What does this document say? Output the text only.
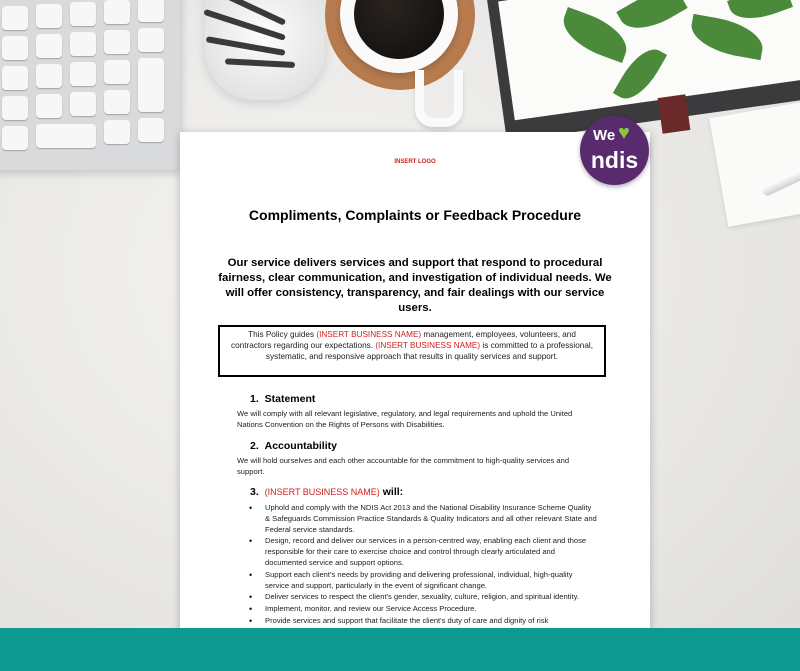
INSERT LOGO
Compliments, Complaints or Feedback Procedure
Our service delivers services and support that respond to procedural fairness, clear communication, and investigation of individual needs. We will offer consistency, transparency, and fair dealings with our service users.
This Policy guides (INSERT BUSINESS NAME) management, employees, volunteers, and contractors regarding our expectations. (INSERT BUSINESS NAME) is committed to a professional, systematic, and responsive approach that results in quality services and support.
1. Statement
We will comply with all relevant legislative, regulatory, and legal requirements and uphold the United Nations Convention on the Rights of Persons with Disabilities.
2. Accountability
We will hold ourselves and each other accountable for the commitment to high-quality services and support.
3. (INSERT BUSINESS NAME) will:
• Uphold and comply with the NDIS Act 2013 and the National Disability Insurance Scheme Quality & Safeguards Commission Practice Standards & Quality Indicators and all other relevant State and Federal service standards.
• Design, record and deliver our services in a person-centred way, enabling each client and those responsible for their care to exercise choice and control through clearly articulated and documented service and support options.
• Support each client's needs by providing and delivering professional, individual, high-quality service and support, particularly in the event of significant change.
• Deliver services to respect the client's gender, sexuality, culture, religion, and spiritual identity.
• Implement, monitor, and review our Service Access Procedure.
• Provide services and support that facilitate the client's duty of care and dignity of risk
We ♥
ndis
